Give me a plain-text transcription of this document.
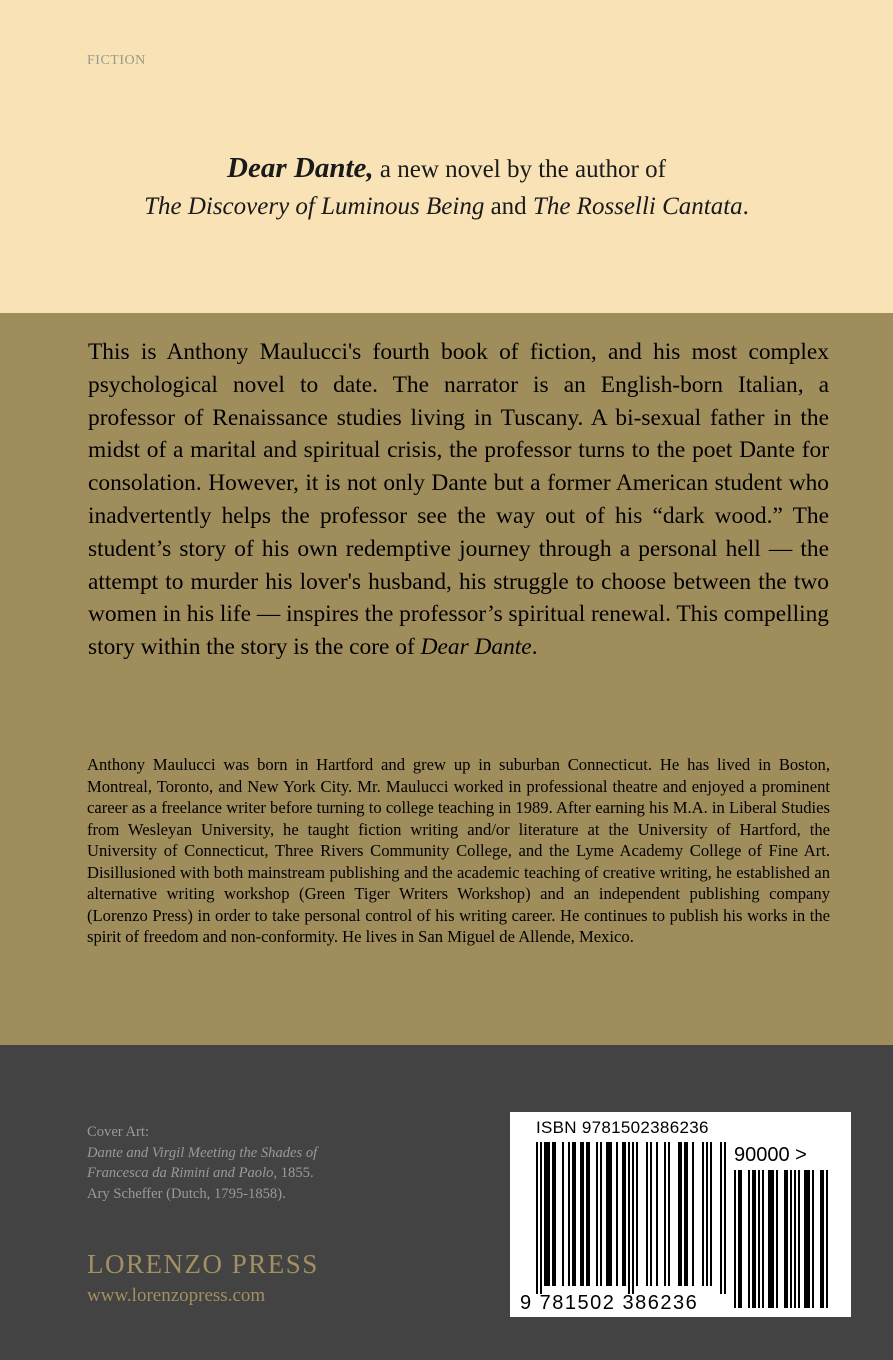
FICTION
Dear Dante, a new novel by the author of
The Discovery of Luminous Being and The Rosselli Cantata.
This is Anthony Maulucci's fourth book of fiction, and his most complex psychological novel to date. The narrator is an English-born Italian, a professor of Renaissance studies living in Tuscany. A bi-sexual father in the midst of a marital and spiritual crisis, the professor turns to the poet Dante for consolation. However, it is not only Dante but a former American student who inadvertently helps the professor see the way out of his “dark wood.” The student’s story of his own redemptive journey through a personal hell — the attempt to murder his lover's husband, his struggle to choose between the two women in his life — inspires the professor’s spiritual renewal. This compelling story within the story is the core of Dear Dante.
Anthony Maulucci was born in Hartford and grew up in suburban Connecticut. He has lived in Boston, Montreal, Toronto, and New York City. Mr. Maulucci worked in professional theatre and enjoyed a prominent career as a freelance writer before turning to college teaching in 1989. After earning his M.A. in Liberal Studies from Wesleyan University, he taught fiction writing and/or literature at the University of Hartford, the University of Connecticut, Three Rivers Community College, and the Lyme Academy College of Fine Art. Disillusioned with both mainstream publishing and the academic teaching of creative writing, he established an alternative writing workshop (Green Tiger Writers Workshop) and an independent publishing company (Lorenzo Press) in order to take personal control of his writing career. He continues to publish his works in the spirit of freedom and non-conformity. He lives in San Miguel de Allende, Mexico.
Cover Art:
Dante and Virgil Meeting the Shades of
Francesca da Rimini and Paolo, 1855.
Ary Scheffer (Dutch, 1795-1858).
LORENZO PRESS
www.lorenzopress.com
ISBN 9781502386236
90000 >
9 781502 386236
